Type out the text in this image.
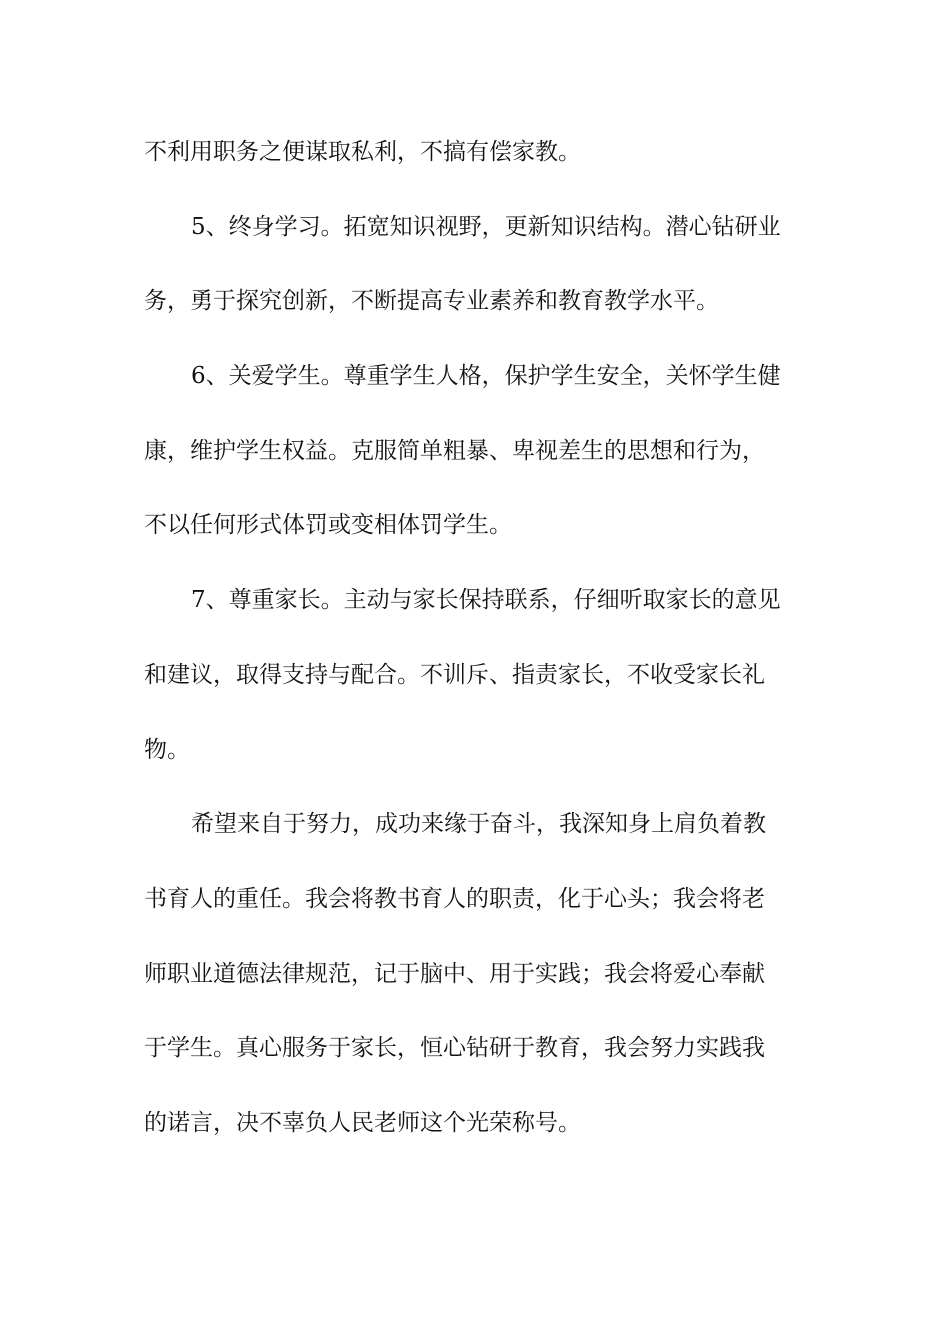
不利用职务之便谋取私利，不搞有偿家教。
5、终身学习。拓宽知识视野，更新知识结构。潜心钻研业
务，勇于探究创新，不断提高专业素养和教育教学水平。
6、关爱学生。尊重学生人格，保护学生安全，关怀学生健
康，维护学生权益。克服简单粗暴、卑视差生的思想和行为，
不以任何形式体罚或变相体罚学生。
7、尊重家长。主动与家长保持联系，仔细听取家长的意见
和建议，取得支持与配合。不训斥、指责家长，不收受家长礼
物。
希望来自于努力，成功来缘于奋斗，我深知身上肩负着教
书育人的重任。我会将教书育人的职责，化于心头；我会将老
师职业道德法律规范，记于脑中、用于实践；我会将爱心奉献
于学生。真心服务于家长，恒心钻研于教育，我会努力实践我
的诺言，决不辜负人民老师这个光荣称号。
